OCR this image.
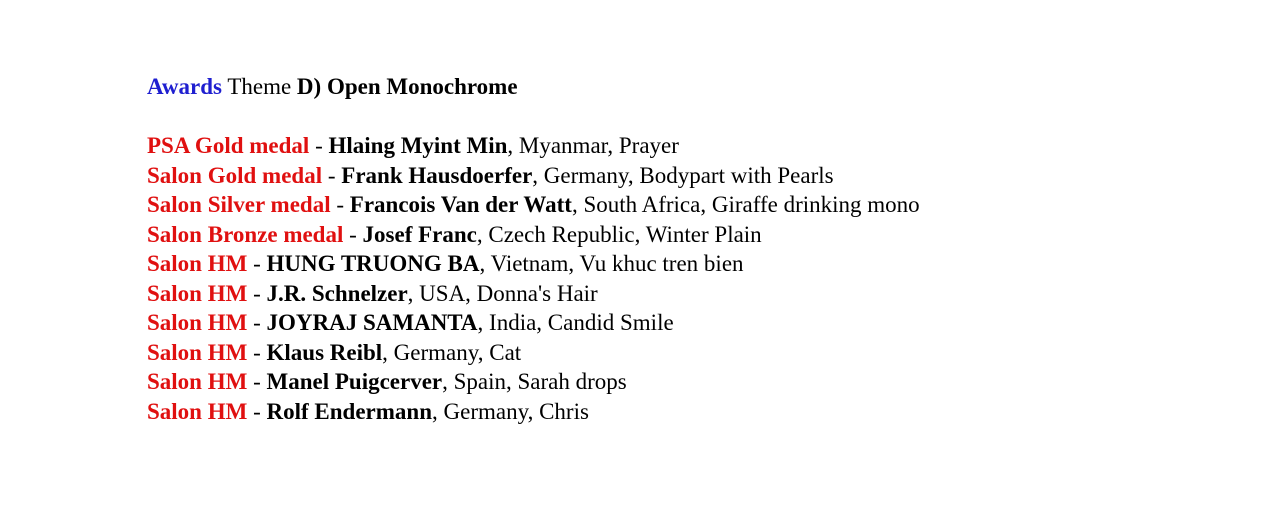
Awards Theme D) Open Monochrome
PSA Gold medal - Hlaing Myint Min, Myanmar, Prayer
Salon Gold medal - Frank Hausdoerfer, Germany, Bodypart with Pearls
Salon Silver medal - Francois Van der Watt, South Africa, Giraffe drinking mono
Salon Bronze medal - Josef Franc, Czech Republic, Winter Plain
Salon HM - HUNG TRUONG BA, Vietnam, Vu khuc tren bien
Salon HM - J.R. Schnelzer, USA, Donna's Hair
Salon HM - JOYRAJ SAMANTA, India, Candid Smile
Salon HM - Klaus Reibl, Germany, Cat
Salon HM - Manel Puigcerver, Spain, Sarah drops
Salon HM - Rolf Endermann, Germany, Chris
